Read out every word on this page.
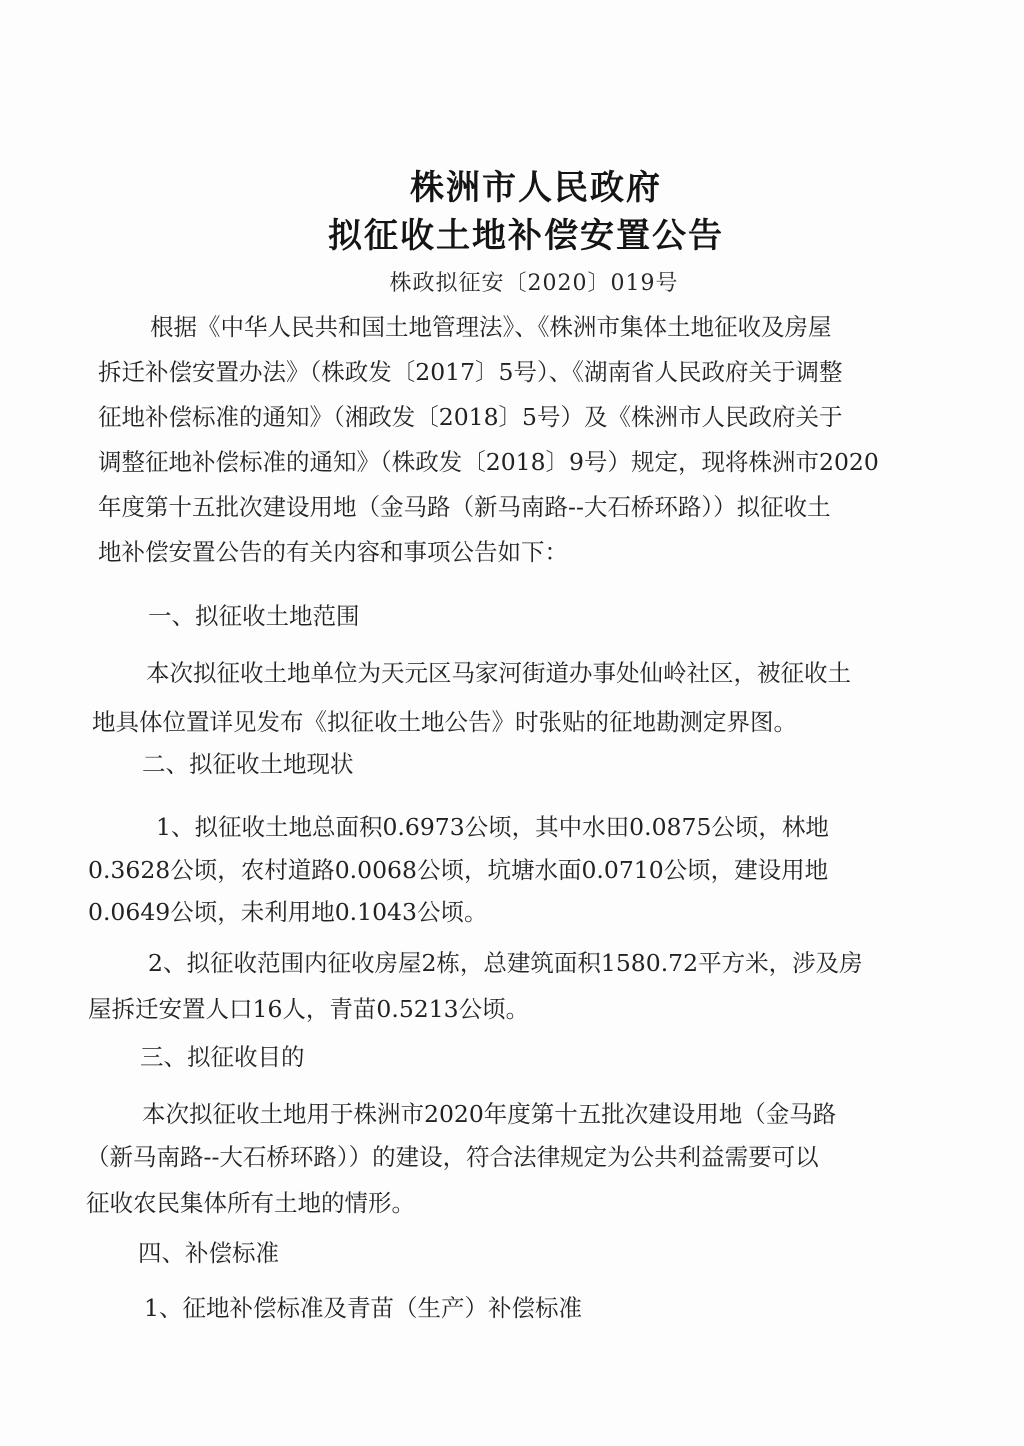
株洲市人民政府
拟征收土地补偿安置公告
株政拟征安〔2020〕019号
根据《中华人民共和国土地管理法》、《株洲市集体土地征收及房屋
拆迁补偿安置办法》（株政发〔2017〕5号）、《湖南省人民政府关于调整
征地补偿标准的通知》（湘政发〔2018〕5号）及《株洲市人民政府关于
调整征地补偿标准的通知》（株政发〔2018〕9号）规定，现将株洲市2020
年度第十五批次建设用地（金马路（新马南路--大石桥环路））拟征收土
地补偿安置公告的有关内容和事项公告如下：
一、拟征收土地范围
本次拟征收土地单位为天元区马家河街道办事处仙岭社区，被征收土
地具体位置详见发布《拟征收土地公告》时张贴的征地勘测定界图。
二、拟征收土地现状
1、拟征收土地总面积0.6973公顷，其中水田0.0875公顷，林地
0.3628公顷，农村道路0.0068公顷，坑塘水面0.0710公顷，建设用地
0.0649公顷，未利用地0.1043公顷。
2、拟征收范围内征收房屋2栋，总建筑面积1580.72平方米，涉及房
屋拆迁安置人口16人，青苗0.5213公顷。
三、拟征收目的
本次拟征收土地用于株洲市2020年度第十五批次建设用地（金马路
（新马南路--大石桥环路））的建设，符合法律规定为公共利益需要可以
征收农民集体所有土地的情形。
四、补偿标准
1、征地补偿标准及青苗（生产）补偿标准
